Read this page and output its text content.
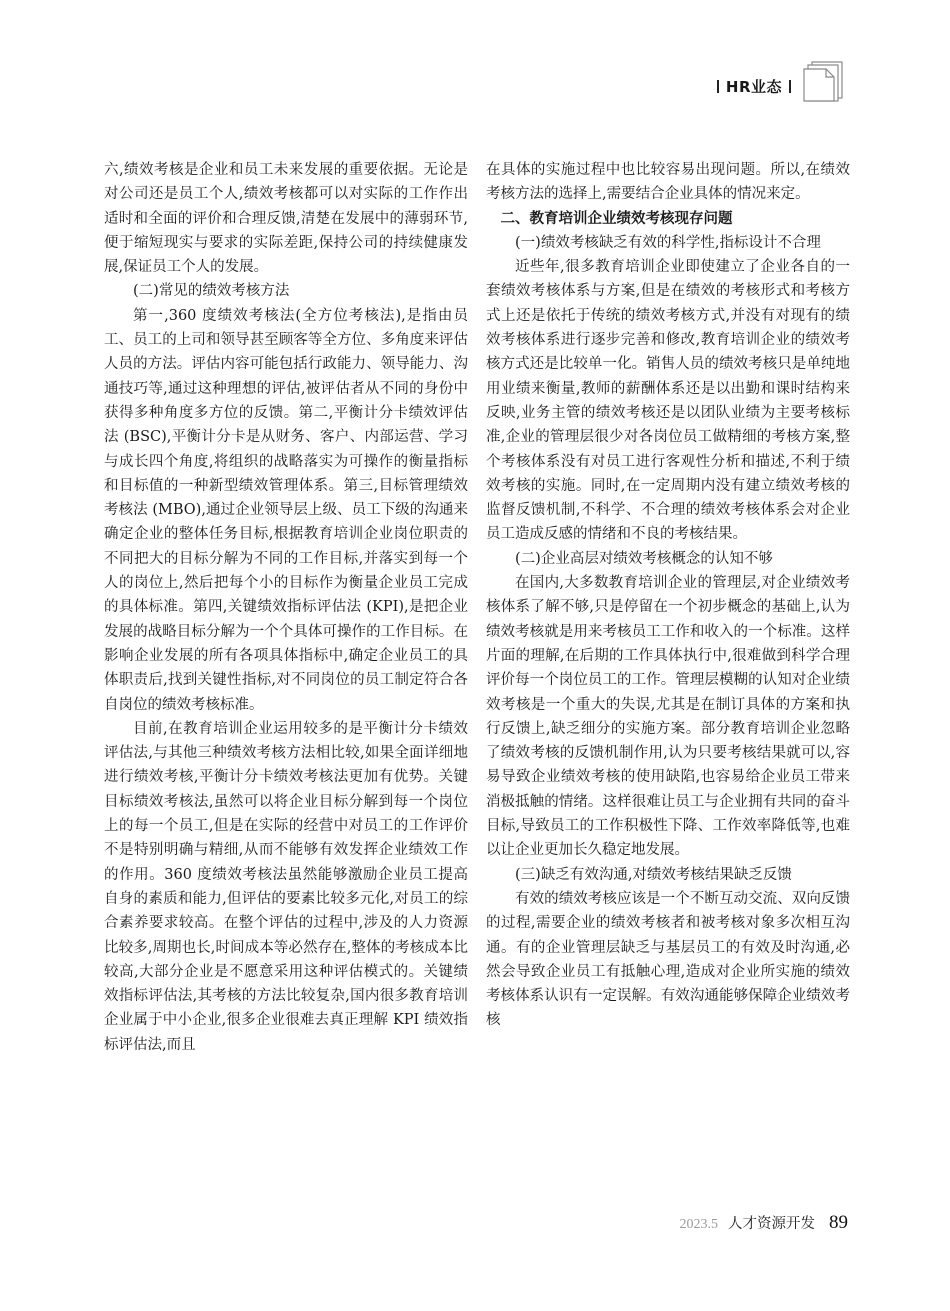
HR业态

六,绩效考核是企业和员工未来发展的重要依据。无论是对公司还是员工个人,绩效考核都可以对实际的工作作出适时和全面的评价和合理反馈,清楚在发展中的薄弱环节,便于缩短现实与要求的实际差距,保持公司的持续健康发展,保证员工个人的发展。

(二)常见的绩效考核方法

第一,360 度绩效考核法(全方位考核法),是指由员工、员工的上司和领导甚至顾客等全方位、多角度来评估人员的方法。评估内容可能包括行政能力、领导能力、沟通技巧等,通过这种理想的评估,被评估者从不同的身份中获得多种角度多方位的反馈。第二,平衡计分卡绩效评估法 (BSC),平衡计分卡是从财务、客户、内部运营、学习与成长四个角度,将组织的战略落实为可操作的衡量指标和目标值的一种新型绩效管理体系。第三,目标管理绩效考核法 (MBO),通过企业领导层上级、员工下级的沟通来确定企业的整体任务目标,根据教育培训企业岗位职责的不同把大的目标分解为不同的工作目标,并落实到每一个人的岗位上,然后把每个小的目标作为衡量企业员工完成的具体标准。第四,关键绩效指标评估法 (KPI),是把企业发展的战略目标分解为一个个具体可操作的工作目标。在影响企业发展的所有各项具体指标中,确定企业员工的具体职责后,找到关键性指标,对不同岗位的员工制定符合各自岗位的绩效考核标准。

目前,在教育培训企业运用较多的是平衡计分卡绩效评估法,与其他三种绩效考核方法相比较,如果全面详细地进行绩效考核,平衡计分卡绩效考核法更加有优势。关键目标绩效考核法,虽然可以将企业目标分解到每一个岗位上的每一个员工,但是在实际的经营中对员工的工作评价不是特别明确与精细,从而不能够有效发挥企业绩效工作的作用。360 度绩效考核法虽然能够激励企业员工提高自身的素质和能力,但评估的要素比较多元化,对员工的综合素养要求较高。在整个评估的过程中,涉及的人力资源比较多,周期也长,时间成本等必然存在,整体的考核成本比较高,大部分企业是不愿意采用这种评估模式的。关键绩效指标评估法,其考核的方法比较复杂,国内很多教育培训企业属于中小企业,很多企业很难去真正理解 KPI 绩效指标评估法,而且

在具体的实施过程中也比较容易出现问题。所以,在绩效考核方法的选择上,需要结合企业具体的情况来定。

二、教育培训企业绩效考核现存问题

(一)绩效考核缺乏有效的科学性,指标设计不合理

近些年,很多教育培训企业即使建立了企业各自的一套绩效考核体系与方案,但是在绩效的考核形式和考核方式上还是依托于传统的绩效考核方式,并没有对现有的绩效考核体系进行逐步完善和修改,教育培训企业的绩效考核方式还是比较单一化。销售人员的绩效考核只是单纯地用业绩来衡量,教师的薪酬体系还是以出勤和课时结构来反映,业务主管的绩效考核还是以团队业绩为主要考核标准,企业的管理层很少对各岗位员工做精细的考核方案,整个考核体系没有对员工进行客观性分析和描述,不利于绩效考核的实施。同时,在一定周期内没有建立绩效考核的监督反馈机制,不科学、不合理的绩效考核体系会对企业员工造成反感的情绪和不良的考核结果。

(二)企业高层对绩效考核概念的认知不够

在国内,大多数教育培训企业的管理层,对企业绩效考核体系了解不够,只是停留在一个初步概念的基础上,认为绩效考核就是用来考核员工工作和收入的一个标准。这样片面的理解,在后期的工作具体执行中,很难做到科学合理评价每一个岗位员工的工作。管理层模糊的认知对企业绩效考核是一个重大的失误,尤其是在制订具体的方案和执行反馈上,缺乏细分的实施方案。部分教育培训企业忽略了绩效考核的反馈机制作用,认为只要考核结果就可以,容易导致企业绩效考核的使用缺陷,也容易给企业员工带来消极抵触的情绪。这样很难让员工与企业拥有共同的奋斗目标,导致员工的工作积极性下降、工作效率降低等,也难以让企业更加长久稳定地发展。

(三)缺乏有效沟通,对绩效考核结果缺乏反馈

有效的绩效考核应该是一个不断互动交流、双向反馈的过程,需要企业的绩效考核者和被考核对象多次相互沟通。有的企业管理层缺乏与基层员工的有效及时沟通,必然会导致企业员工有抵触心理,造成对企业所实施的绩效考核体系认识有一定误解。有效沟通能够保障企业绩效考核

2023.5 人才资源开发 89
